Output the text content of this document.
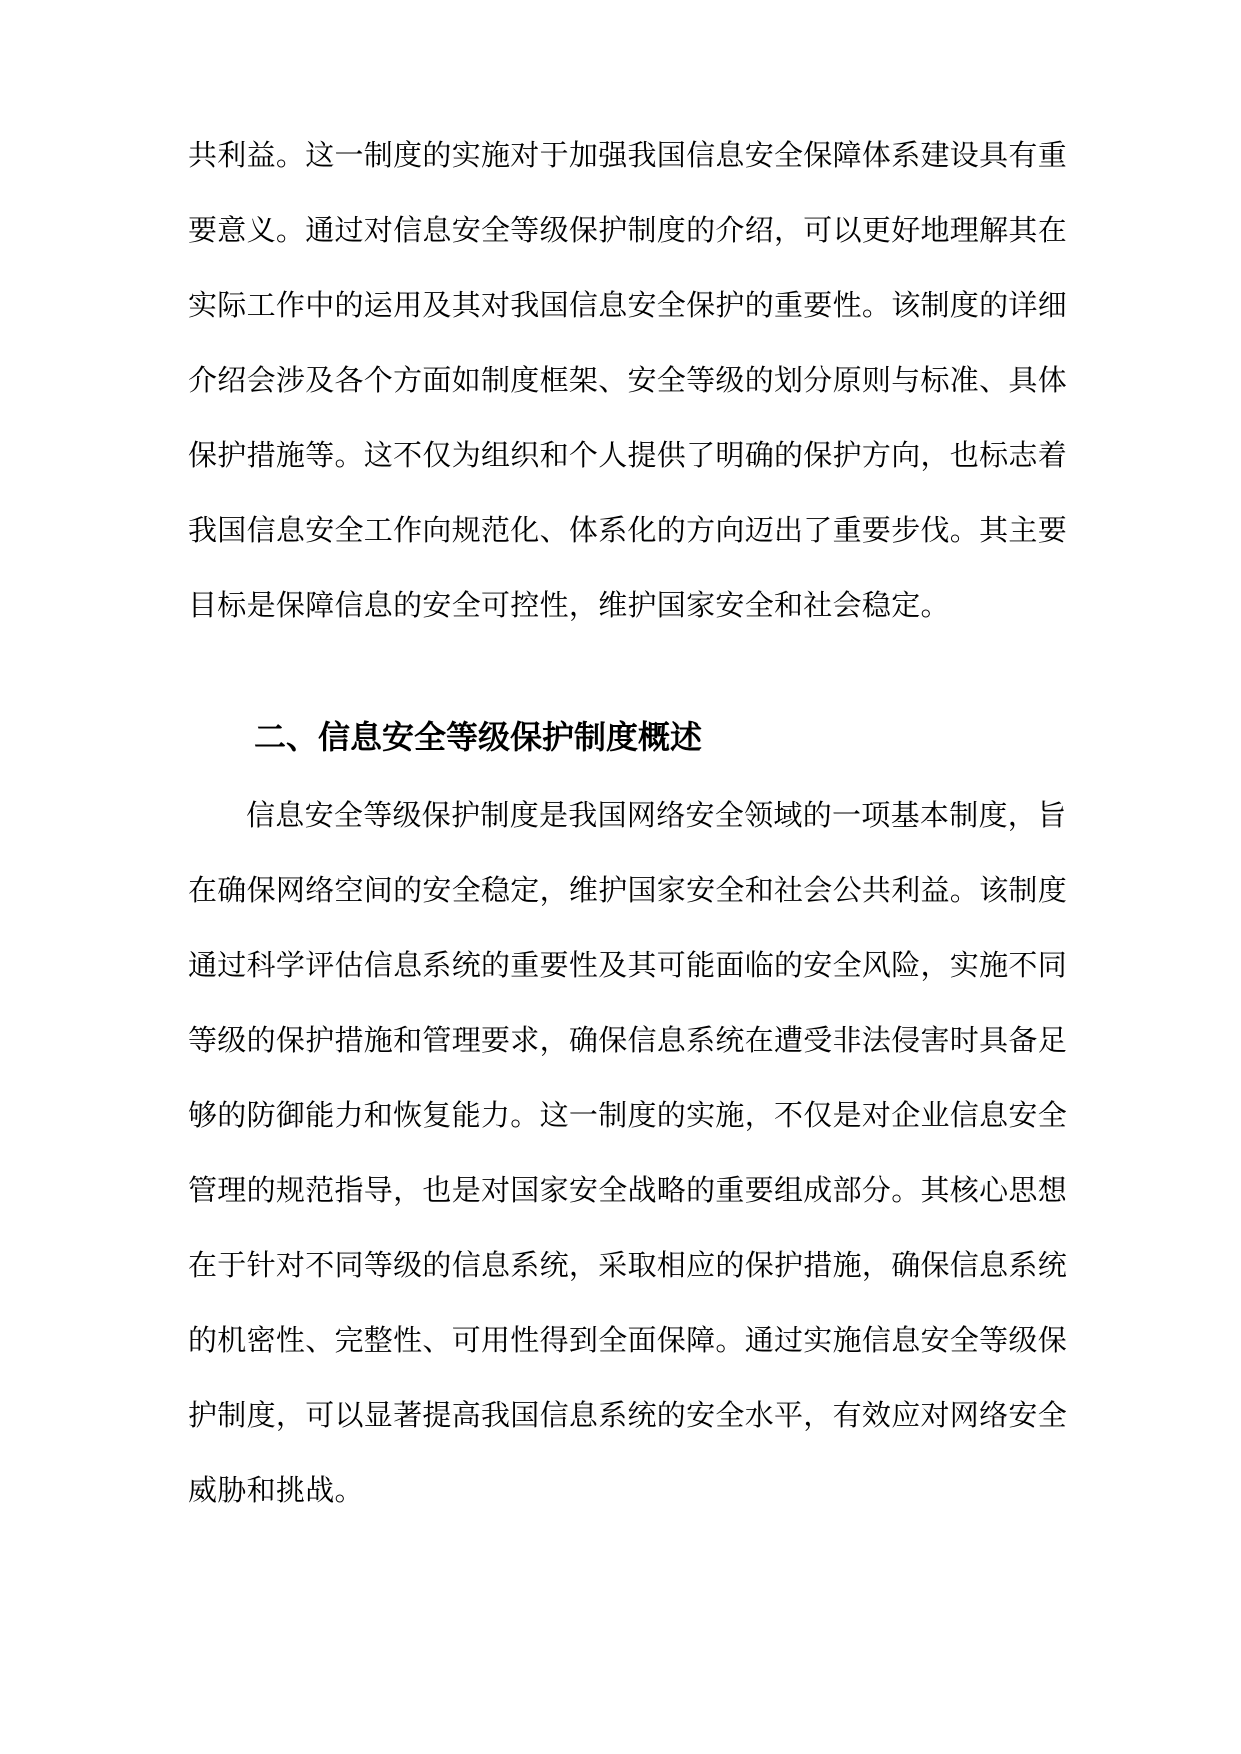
共利益。这一制度的实施对于加强我国信息安全保障体系建设具有重
要意义。通过对信息安全等级保护制度的介绍，可以更好地理解其在
实际工作中的运用及其对我国信息安全保护的重要性。该制度的详细
介绍会涉及各个方面如制度框架、安全等级的划分原则与标准、具体
保护措施等。这不仅为组织和个人提供了明确的保护方向，也标志着
我国信息安全工作向规范化、体系化的方向迈出了重要步伐。其主要
目标是保障信息的安全可控性，维护国家安全和社会稳定。
二、信息安全等级保护制度概述
信息安全等级保护制度是我国网络安全领域的一项基本制度，旨
在确保网络空间的安全稳定，维护国家安全和社会公共利益。该制度
通过科学评估信息系统的重要性及其可能面临的安全风险，实施不同
等级的保护措施和管理要求，确保信息系统在遭受非法侵害时具备足
够的防御能力和恢复能力。这一制度的实施，不仅是对企业信息安全
管理的规范指导，也是对国家安全战略的重要组成部分。其核心思想
在于针对不同等级的信息系统，采取相应的保护措施，确保信息系统
的机密性、完整性、可用性得到全面保障。通过实施信息安全等级保
护制度，可以显著提高我国信息系统的安全水平，有效应对网络安全
威胁和挑战。
